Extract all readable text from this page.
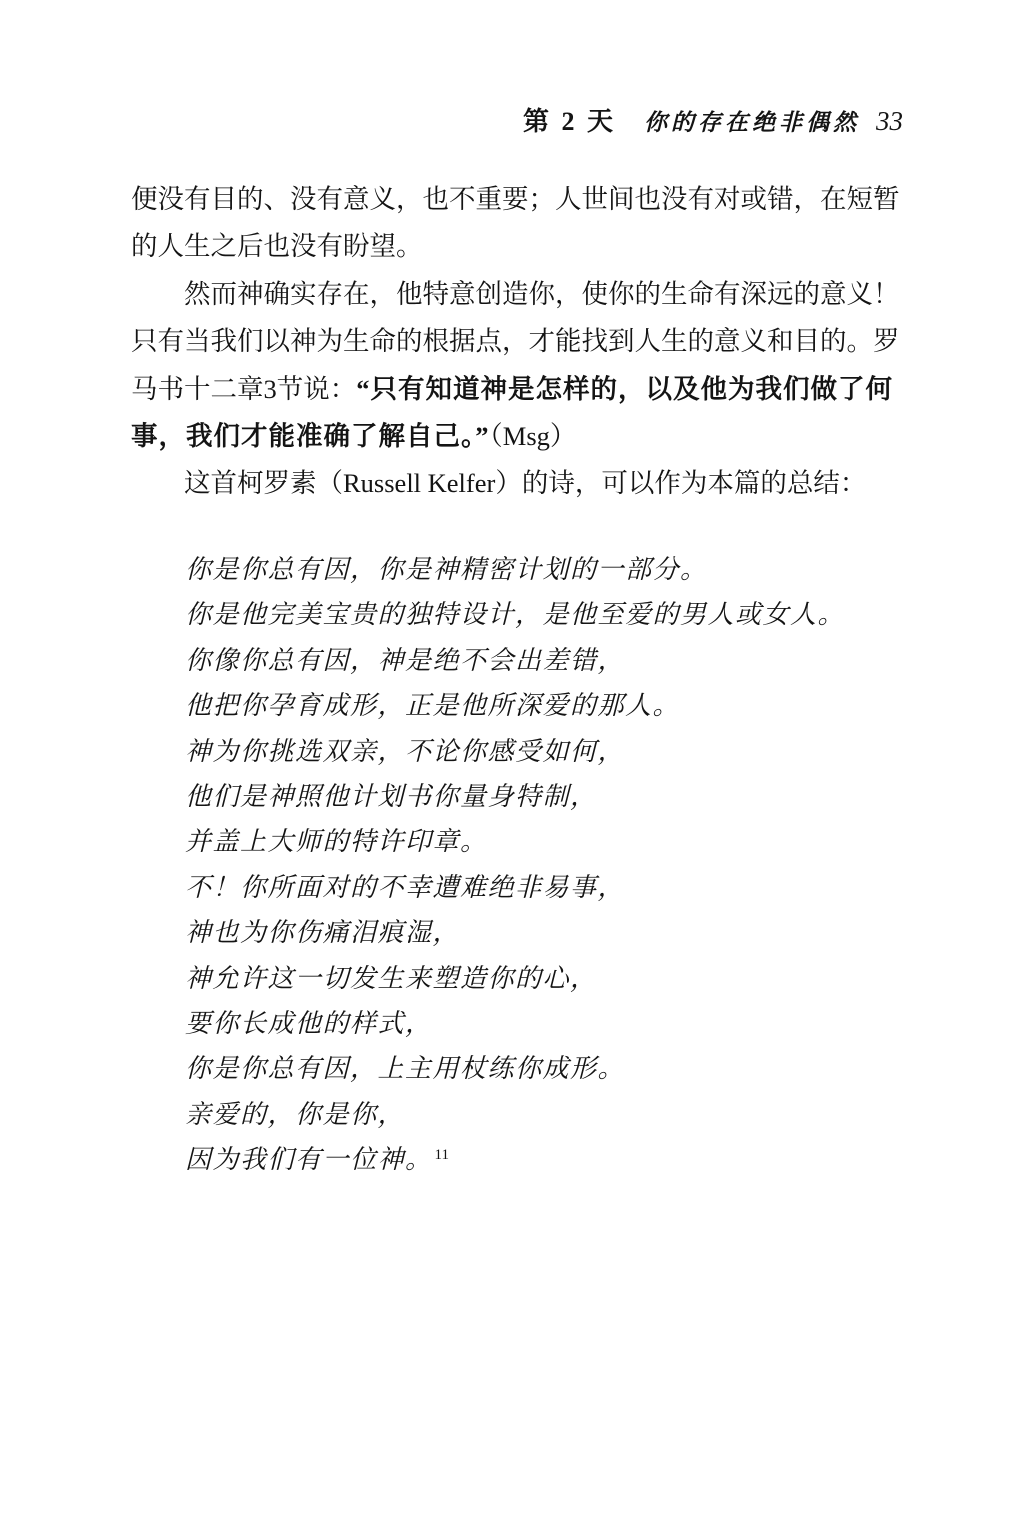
第 2 天 你的存在绝非偶然 33
便没有目的、没有意义，也不重要；人世间也没有对或错，在短暂
的人生之后也没有盼望。
然而神确实存在，他特意创造你，使你的生命有深远的意义！
只有当我们以神为生命的根据点，才能找到人生的意义和目的。罗
马书十二章3节说：“只有知道神是怎样的，以及他为我们做了何
事，我们才能准确了解自己。”（Msg）
这首柯罗素（Russell Kelfer）的诗，可以作为本篇的总结：
你是你总有因，你是神精密计划的一部分。
你是他完美宝贵的独特设计，是他至爱的男人或女人。
你像你总有因，神是绝不会出差错，
他把你孕育成形，正是他所深爱的那人。
神为你挑选双亲，不论你感受如何，
他们是神照他计划书你量身特制，
并盖上大师的特许印章。
不！你所面对的不幸遭难绝非易事，
神也为你伤痛泪痕湿，
神允许这一切发生来塑造你的心，
要你长成他的样式，
你是你总有因，上主用杖练你成形。
亲爱的，你是你，
因为我们有一位神。 $^{11}$
